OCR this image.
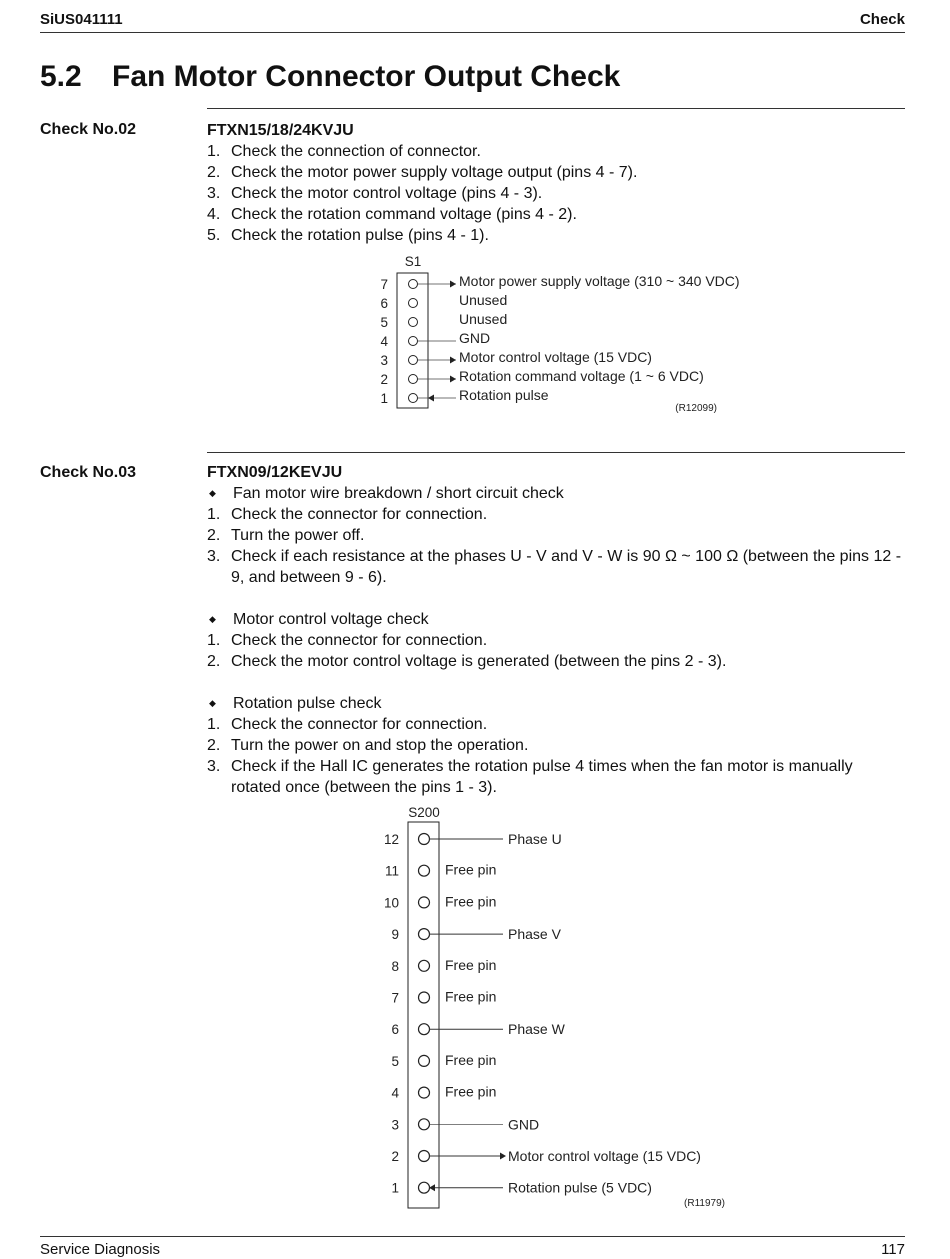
SiUS041111	Check
5.2 Fan Motor Connector Output Check
Check No.02	FTXN15/18/24KVJU
1. Check the connection of connector.
2. Check the motor power supply voltage output (pins 4 - 7).
3. Check the motor control voltage (pins 4 - 3).
4. Check the rotation command voltage (pins 4 - 2).
5. Check the rotation pulse (pins 4 - 1).
S1
7	Motor power supply voltage (310 ~ 340 VDC)
6	Unused
5	Unused
4	GND
3	Motor control voltage (15 VDC)
2	Rotation command voltage (1 ~ 6 VDC)
1	Rotation pulse
(R12099)
Check No.03	FTXN09/12KEVJU
◆	Fan motor wire breakdown / short circuit check
1. Check the connector for connection.
2. Turn the power off.
3. Check if each resistance at the phases U - V and V - W is 90 Ω ~ 100 Ω (between the pins 12 - 9, and between 9 - 6).
◆	Motor control voltage check
1. Check the connector for connection.
2. Check the motor control voltage is generated (between the pins 2 - 3).
◆	Rotation pulse check
1. Check the connector for connection.
2. Turn the power on and stop the operation.
3. Check if the Hall IC generates the rotation pulse 4 times when the fan motor is manually rotated once (between the pins 1 - 3).
S200
12	Phase U
11	Free pin
10	Free pin
9	Phase V
8	Free pin
7	Free pin
6	Phase W
5	Free pin
4	Free pin
3	GND
2	Motor control voltage (15 VDC)
1	Rotation pulse (5 VDC)
(R11979)
Service Diagnosis	117
